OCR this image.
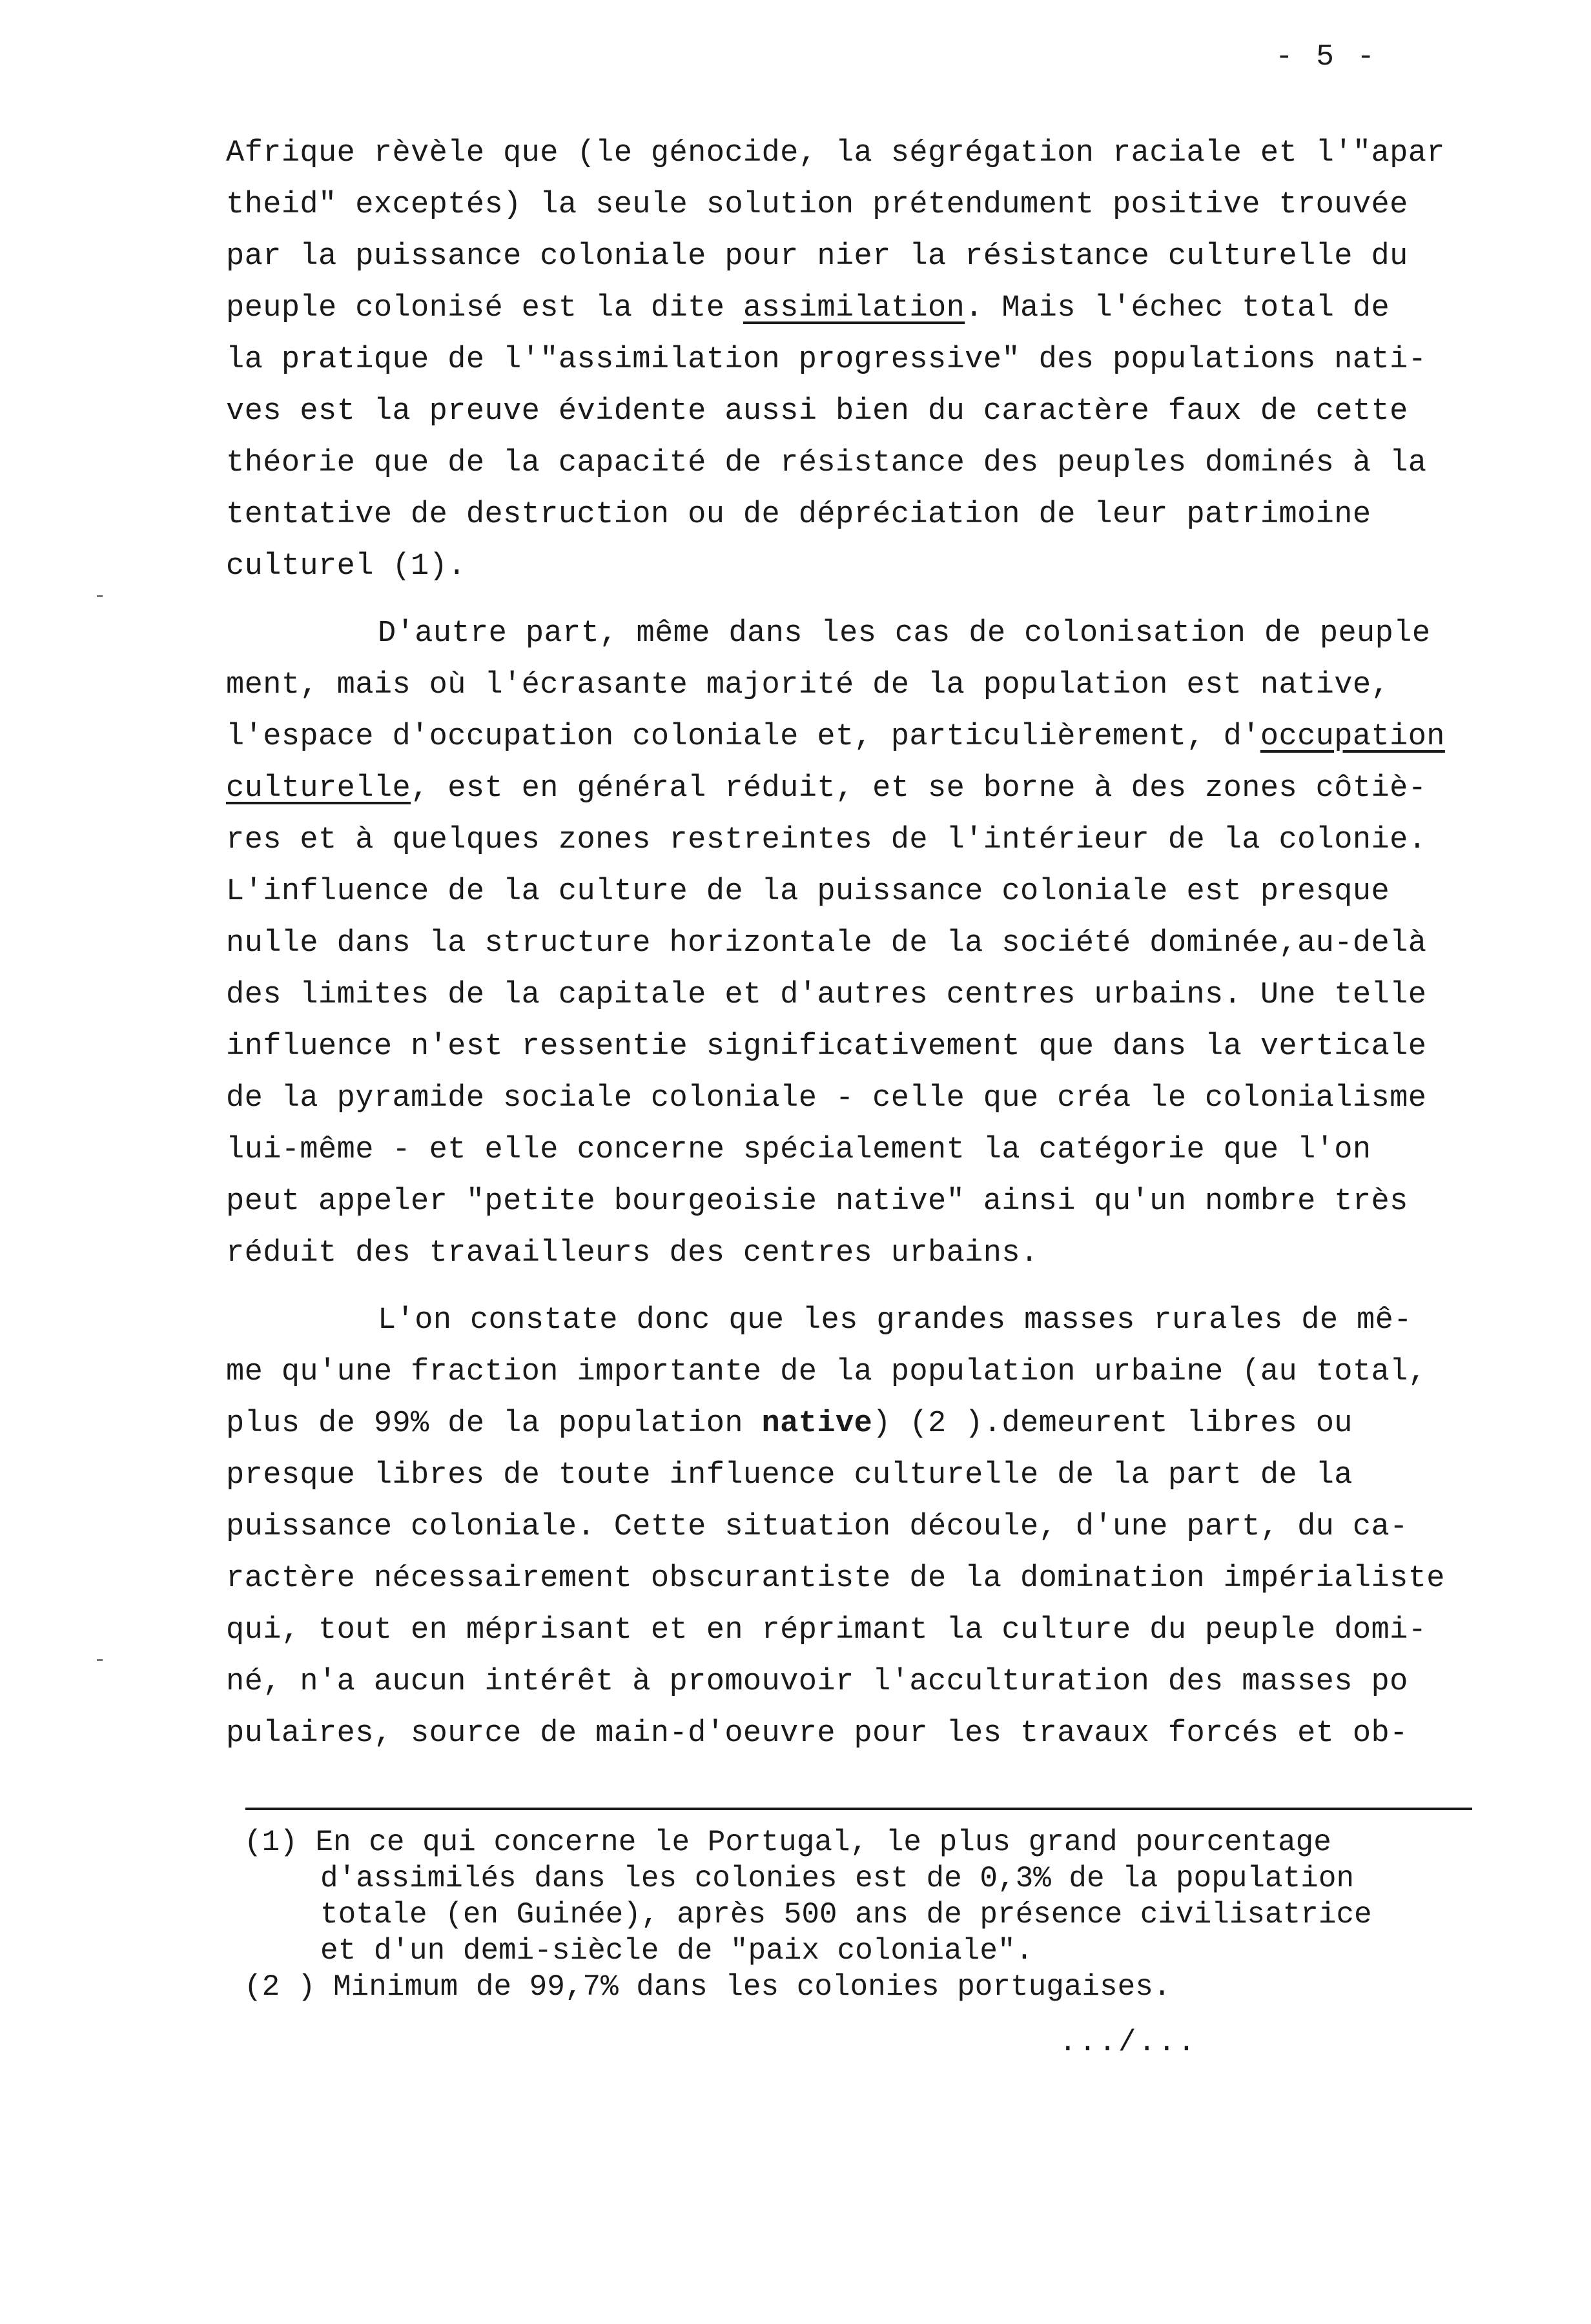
- 5 -
Afrique rèvèle que (le génocide, la ségrégation raciale et l'"apar
theid" exceptés) la seule solution prétendument positive trouvée
par la puissance coloniale pour nier la résistance culturelle du
peuple colonisé est la dite assimilation. Mais l'échec total de
la pratique de l'"assimilation progressive" des populations nati-
ves est la preuve évidente aussi bien du caractère faux de cette
théorie que de la capacité de résistance des peuples dominés à la
tentative de destruction ou de dépréciation de leur patrimoine
culturel (1).
D'autre part, même dans les cas de colonisation de peuple
ment, mais où l'écrasante majorité de la population est native,
l'espace d'occupation coloniale et, particulièrement, d'occupation
culturelle, est en général réduit, et se borne à des zones côtiè-
res et à quelques zones restreintes de l'intérieur de la colonie.
L'influence de la culture de la puissance coloniale est presque
nulle dans la structure horizontale de la société dominée,au-delà
des limites de la capitale et d'autres centres urbains. Une telle
influence n'est ressentie significativement que dans la verticale
de la pyramide sociale coloniale - celle que créa le colonialisme
lui-même - et elle concerne spécialement la catégorie que l'on
peut appeler "petite bourgeoisie native" ainsi qu'un nombre très
réduit des travailleurs des centres urbains.
L'on constate donc que les grandes masses rurales de mê-
me qu'une fraction importante de la population urbaine (au total,
plus de 99% de la population native) (2 ).demeurent libres ou
presque libres de toute influence culturelle de la part de la
puissance coloniale. Cette situation découle, d'une part, du ca-
ractère nécessairement obscurantiste de la domination impérialiste
qui, tout en méprisant et en réprimant la culture du peuple domi-
né, n'a aucun intérêt à promouvoir l'acculturation des masses po
pulaires, source de main-d'oeuvre pour les travaux forcés et ob-
(1) En ce qui concerne le Portugal, le plus grand pourcentage
d'assimilés dans les colonies est de 0,3% de la population
totale (en Guinée), après 500 ans de présence civilisatrice
et d'un demi-siècle de "paix coloniale".
(2 ) Minimum de 99,7% dans les colonies portugaises.
.../...
